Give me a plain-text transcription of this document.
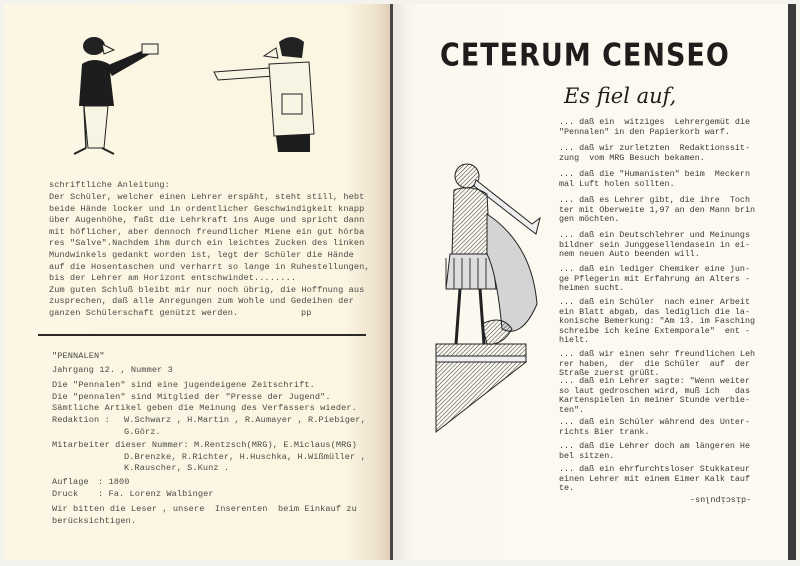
schriftliche Anleitung:
Der Schüler, welcher einen Lehrer erspäht, steht still, hebt
beide Hände locker und in ordentlicher Geschwindigkeit knapp
über Augenhöhe, faßt die Lehrkraft ins Auge und spricht dann
mit höflicher, aber dennoch freundlicher Miene ein gut hörba
res "Salve".Nachdem ihm durch ein leichtes Zucken des linken
Mundwinkels gedankt worden ist, legt der Schüler die Hände
auf die Hosentaschen und verharrt so lange in Ruhestellungen,
bis der Lehrer am Horizont entschwindet........
Zum guten Schluß bleibt mir nur noch übrig, die Hoffnung aus
zusprechen, daß alle Anregungen zum Wohle und Gedeihen der
ganzen Schülerschaft genützt werden.	pp
"PENNALEN"
Jahrgang 12. , Nummer 3
Die "Pennalen" sind eine jugendeigene Zeitschrift.
Die "pennalen" sind Mitglied der "Presse der Jugend".
Sämtliche Artikel geben die Meinung des Verfassers wieder.
Redaktion :	W.Schwarz , H.Martin , R.Aumayer , R.Piebiger,
G.Görz.
Mitarbeiter dieser Nummer: M.Rentzsch(MRG), E.Miclaus(MRG)
D.Brenzke, R.Richter, H.Huschka, H.Wißmüller ,
K.Rauscher, S.Kunz .
Auflage	: 1800
Druck	: Fa. Lorenz Walbinger
Wir bitten die Leser , unsere  Inserenten  beim Einkauf zu
berücksichtigen.
CETERUM CENSEO
Es fiel auf,
... daß ein  witziges  Lehrergemüt die
"Pennalen" in den Papierkorb warf.
... daß wir zurletzten  Redaktionssit-
zung  vom MRG Besuch bekamen.
... daß die "Humanisten" beim  Meckern
mal Luft holen sollten.
... daß es Lehrer gibt, die ihre  Toch
ter mit Oberweite 1,97 an den Mann brin
gen möchten.
... daß ein Deutschlehrer und Meinungs
bildner sein Junggesellendasein in ei-
nem neuen Auto beenden will.
... daß ein lediger Chemiker eine jun-
ge Pflegerin mit Erfahrung an Alters -
heimen sucht.
... daß ein Schüler  nach einer Arbeit
ein Blatt abgab, das lediglich die la-
konische Bemerkung: "Am 13. im Fasching
schreibe ich keine Extemporale"  ent -
hielt.
... daß wir einen sehr freundlichen Leh
rer haben,  der  die Schüler  auf  der
Straße zuerst grüßt.
... daß ein Lehrer sagte: "Wenn weiter
so laut gedroschen wird, muß ich   das
Kartenspielen in meiner Stunde verbie-
ten".
... daß ein Schüler während des Unter-
richts Bier trank.
... daß die Lehrer doch am längeren He
bel sitzen.
... daß ein ehrfurchtsloser Stukkateur
einen Lehrer mit einem Eimer Kalk tauf
te.
-discipulus-
